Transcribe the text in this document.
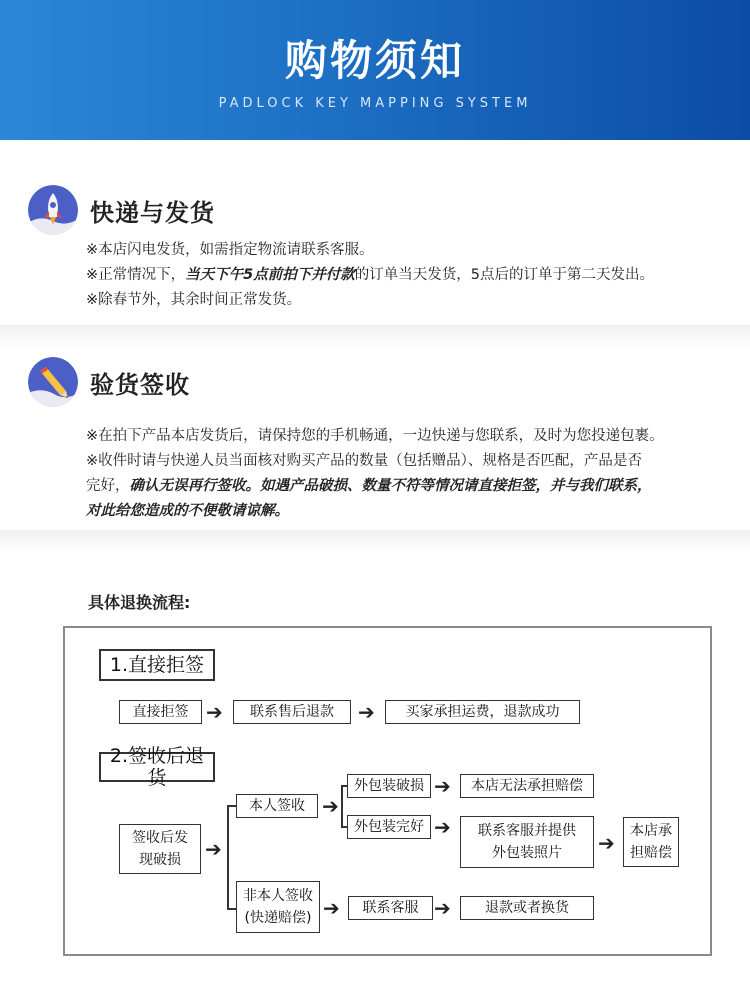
购物须知
PADLOCK KEY MAPPING SYSTEM
快递与发货
※本店闪电发货，如需指定物流请联系客服。
※正常情况下，当天下午5点前拍下并付款的订单当天发货，5点后的订单于第二天发出。
※除春节外，其余时间正常发货。
验货签收
※在拍下产品本店发货后，请保持您的手机畅通，一边快递与您联系，及时为您投递包裹。
※收件时请与快递人员当面核对购买产品的数量（包括赠品）、规格是否匹配，产品是否
完好，确认无误再行签收。如遇产品破损、数量不符等情况请直接拒签，并与我们联系，
对此给您造成的不便敬请谅解。
具体退换流程:
1.直接拒签
直接拒签 ➔	联系售后退款	➔	买家承担运费，退款成功
2.签收后退货
签收后发现破损	➔
本人签收
非本人签收(快递赔偿)
➔
外包装破损
外包装完好
➔	本店无法承担赔偿
➔	联系客服并提供外包装照片	➔	本店承担赔偿
➔	联系客服 ➔	退款或者换货
